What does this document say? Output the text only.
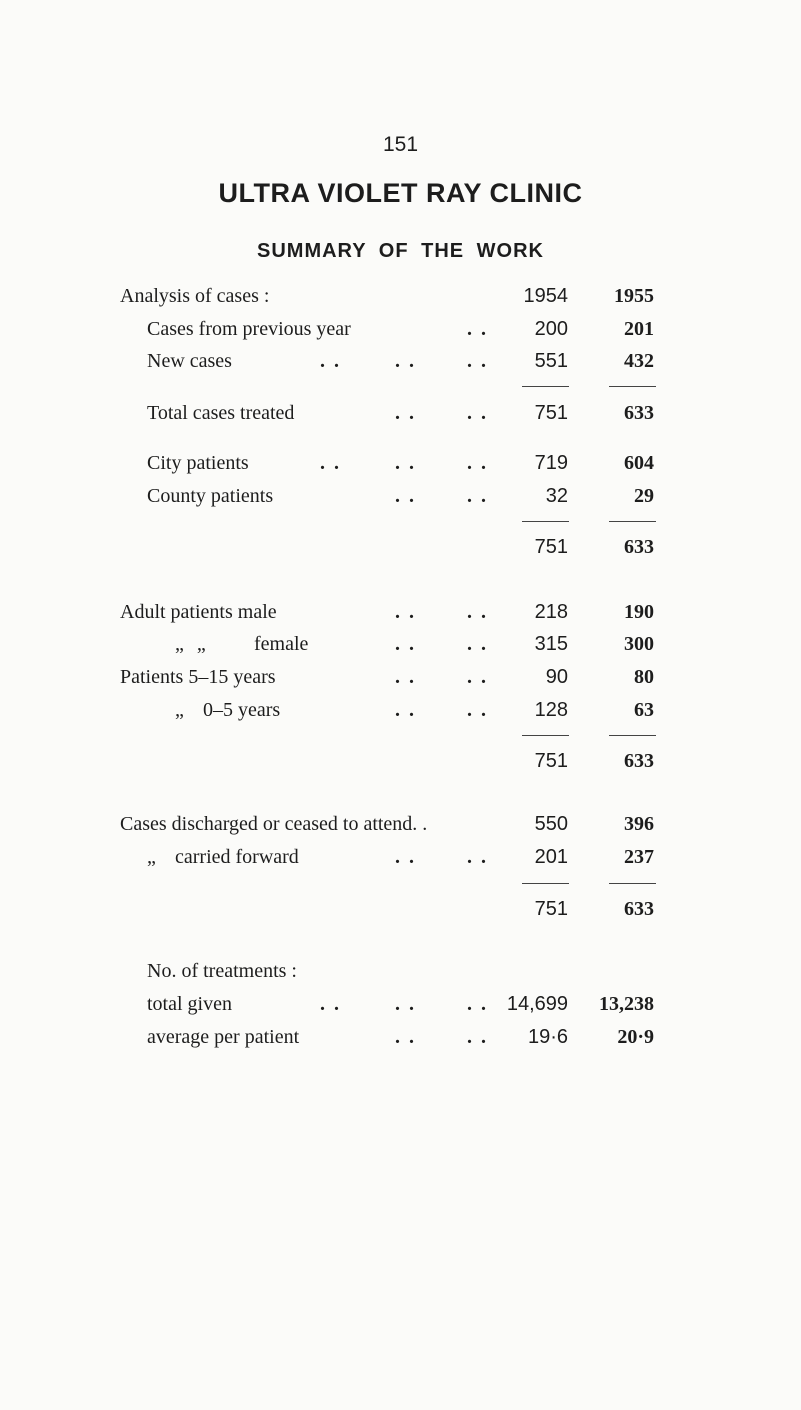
151
ULTRA VIOLET RAY CLINIC
SUMMARY OF THE WORK
Analysis of cases :	1954 1955
Cases from previous year	. . 200	201
New cases	. .	. .	. . 551	432
Total cases treated	. .	. . 751	633
City patients	. .	. .	. . 719	604
County patients	. .	. .	32	29
751	633
Adult patients male	. .	. . 218	190
„ „ female	. .	. . 315	300
Patients 5–15 years	. .	. .	90	80
„ 0–5 years	. .	. . 128	63
751	633
Cases discharged or ceased to attend. .	550	396
„ carried forward	. .	. . 201	237
751	633
No. of treatments :
total given	. .	. .	. . 14,699 13,238
average per patient	. .	. . 19·6 20·9
